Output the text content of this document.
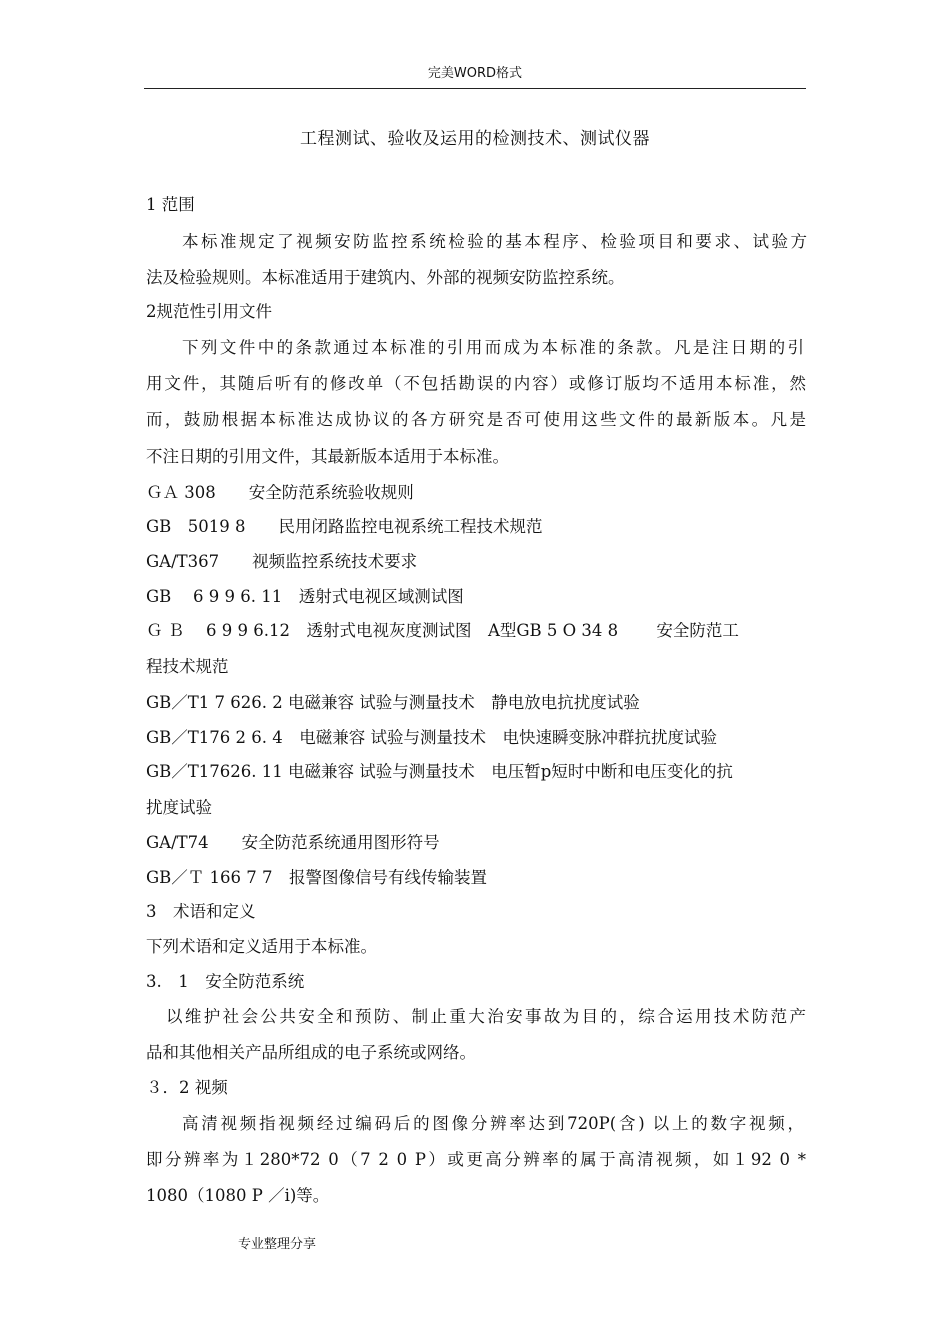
完美WORD格式
工程测试、验收及运用的检测技术、测试仪器
1 范围
本标准规定了视频安防监控系统检验的基本程序、检验项目和要求、试验方
法及检验规则。本标准适用于建筑内、外部的视频安防监控系统。
2规范性引用文件
下列文件中的条款通过本标准的引用而成为本标准的条款。凡是注日期的引
用文件，其随后听有的修改单（不包括勘误的内容）或修订版均不适用本标准，然
而，鼓励根据本标准达成协议的各方研究是否可使用这些文件的最新版本。凡是
不注日期的引用文件，其最新版本适用于本标准。
ＧＡ 308　　安全防范系统验收规则
GB　5019 8　　民用闭路监控电视系统工程技术规范
GA/T367　　视频监控系统技术要求
GB　 6 9 9 6. 11　透射式电视区域测试图
Ｇ Ｂ　 6 9 9 6.12　透射式电视灰度测试图　A型GB 5 O 34 8　　 安全防范工
程技术规范
GB／T1 7 626. 2 电磁兼容 试验与测量技术　静电放电抗扰度试验
GB／T176 2 6. 4　电磁兼容 试验与测量技术　电快速瞬变脉冲群抗扰度试验
GB／T17626. 11 电磁兼容 试验与测量技术　电压暂p短时中断和电压变化的抗
扰度试验
GA/T74　　安全防范系统通用图形符号
GB／Ｔ 166 7 7　报警图像信号有线传输装置
3　术语和定义
下列术语和定义适用于本标准。
3.　1　安全防范系统
以维护社会公共安全和预防、制止重大治安事故为目的，综合运用技术防范产
品和其他相关产品所组成的电子系统或网络。
３．2 视频
高清视频指视频经过编码后的图像分辨率达到720P(含) 以上的数字视频，
即分辨率为１280*72 0（7 2 0 P）或更高分辨率的属于高清视频，如１92 0 *
1080（1080 P ／i)等。
专业整理分享
